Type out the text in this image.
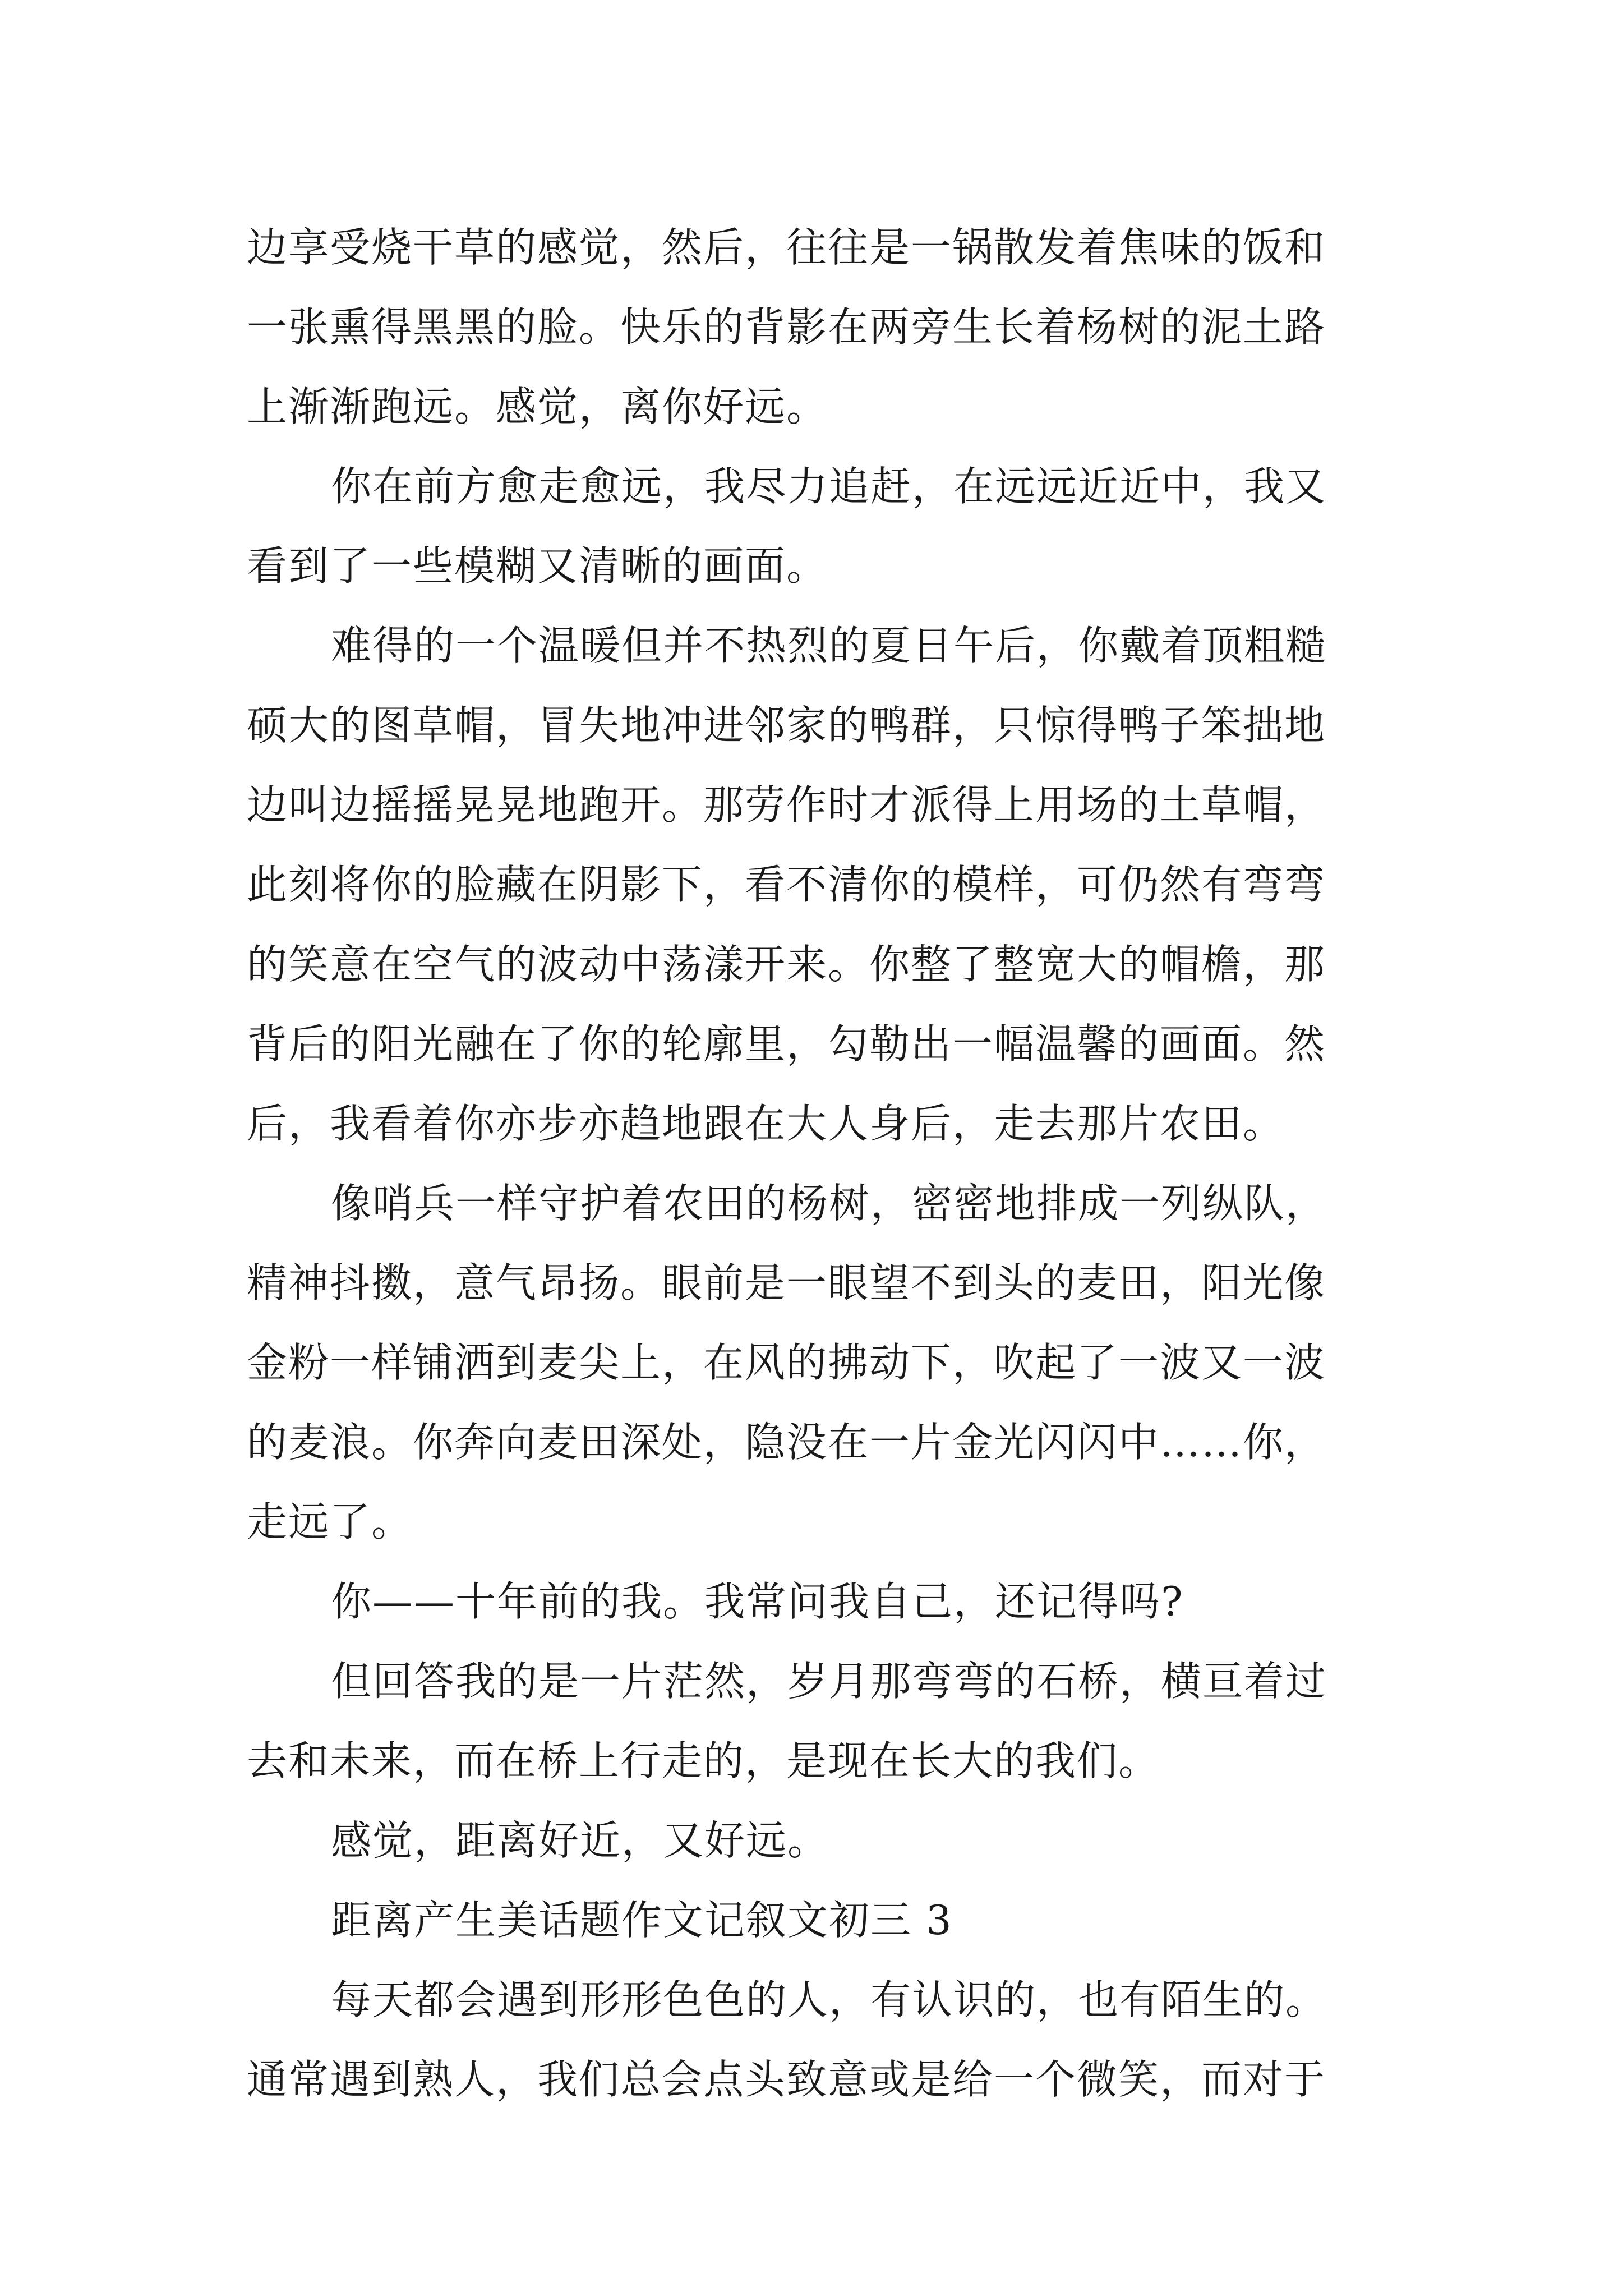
边享受烧干草的感觉，然后，往往是一锅散发着焦味的饭和
一张熏得黑黑的脸。快乐的背影在两旁生长着杨树的泥土路
上渐渐跑远。感觉，离你好远。
你在前方愈走愈远，我尽力追赶，在远远近近中，我又
看到了一些模糊又清晰的画面。
难得的一个温暖但并不热烈的夏日午后，你戴着顶粗糙
硕大的图草帽，冒失地冲进邻家的鸭群，只惊得鸭子笨拙地
边叫边摇摇晃晃地跑开。那劳作时才派得上用场的土草帽，
此刻将你的脸藏在阴影下，看不清你的模样，可仍然有弯弯
的笑意在空气的波动中荡漾开来。你整了整宽大的帽檐，那
背后的阳光融在了你的轮廓里，勾勒出一幅温馨的画面。然
后，我看着你亦步亦趋地跟在大人身后，走去那片农田。
像哨兵一样守护着农田的杨树，密密地排成一列纵队，
精神抖擞，意气昂扬。眼前是一眼望不到头的麦田，阳光像
金粉一样铺洒到麦尖上，在风的拂动下，吹起了一波又一波
的麦浪。你奔向麦田深处，隐没在一片金光闪闪中……你，
走远了。
你——十年前的我。我常问我自己，还记得吗?
但回答我的是一片茫然，岁月那弯弯的石桥，横亘着过
去和未来，而在桥上行走的，是现在长大的我们。
感觉，距离好近，又好远。
距离产生美话题作文记叙文初三 3
每天都会遇到形形色色的人，有认识的，也有陌生的。
通常遇到熟人，我们总会点头致意或是给一个微笑，而对于
